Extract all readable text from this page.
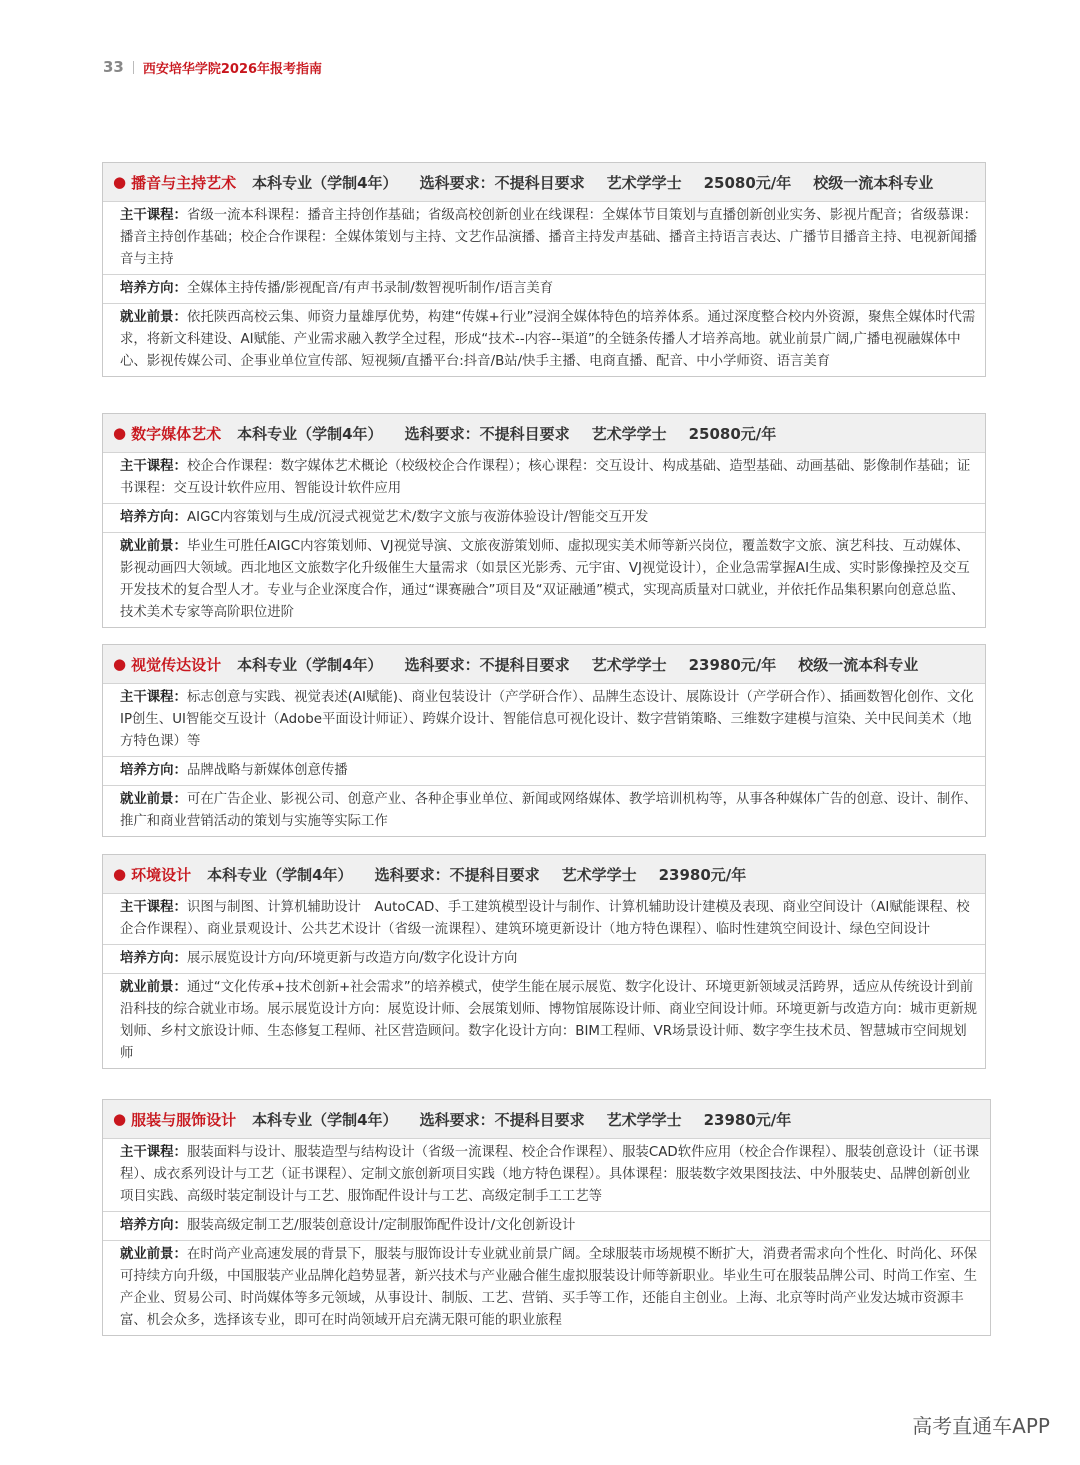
33 西安培华学院2026年报考指南
● 播音与主持艺术 本科专业（学制4年） 选科要求：不提科目要求 艺术学学士 25080元/年 校级一流本科专业
主干课程：省级一流本科课程：播音主持创作基础；省级高校创新创业在线课程：全媒体节目策划与直播创新创业实务、影视片配音；省级慕课：播音主持创作基础；校企合作课程：全媒体策划与主持、文艺作品演播、播音主持发声基础、播音主持语言表达、广播节目播音主持、电视新闻播音与主持
培养方向：全媒体主持传播/影视配音/有声书录制/数智视听制作/语言美育
就业前景：依托陕西高校云集、师资力量雄厚优势，构建“传媒+行业”浸润全媒体特色的培养体系。通过深度整合校内外资源，聚焦全媒体时代需求，将新文科建设、AI赋能、产业需求融入教学全过程，形成“技术--内容--渠道”的全链条传播人才培养高地。就业前景广阔,广播电视融媒体中心、影视传媒公司、企事业单位宣传部、短视频/直播平台:抖音/B站/快手主播、电商直播、配音、中小学师资、语言美育
● 数字媒体艺术 本科专业（学制4年） 选科要求：不提科目要求 艺术学学士 25080元/年
主干课程：校企合作课程：数字媒体艺术概论（校级校企合作课程）；核心课程：交互设计、构成基础、造型基础、动画基础、影像制作基础；证书课程：交互设计软件应用、智能设计软件应用
培养方向：AIGC内容策划与生成/沉浸式视觉艺术/数字文旅与夜游体验设计/智能交互开发
就业前景：毕业生可胜任AIGC内容策划师、VJ视觉导演、文旅夜游策划师、虚拟现实美术师等新兴岗位，覆盖数字文旅、演艺科技、互动媒体、影视动画四大领域。西北地区文旅数字化升级催生大量需求（如景区光影秀、元宇宙、VJ视觉设计），企业急需掌握AI生成、实时影像操控及交互开发技术的复合型人才。专业与企业深度合作，通过“课赛融合”项目及“双证融通”模式，实现高质量对口就业，并依托作品集积累向创意总监、技术美术专家等高阶职位进阶
● 视觉传达设计 本科专业（学制4年） 选科要求：不提科目要求 艺术学学士 23980元/年 校级一流本科专业
主干课程：标志创意与实践、视觉表述(AI赋能)、商业包装设计（产学研合作）、品牌生态设计、展陈设计（产学研合作）、插画数智化创作、文化IP创生、UI智能交互设计（Adobe平面设计师证）、跨媒介设计、智能信息可视化设计、数字营销策略、三维数字建模与渲染、关中民间美术（地方特色课）等
培养方向：品牌战略与新媒体创意传播
就业前景：可在广告企业、影视公司、创意产业、各种企事业单位、新闻或网络媒体、教学培训机构等，从事各种媒体广告的创意、设计、制作、推广和商业营销活动的策划与实施等实际工作
● 环境设计 本科专业（学制4年） 选科要求：不提科目要求 艺术学学士 23980元/年
主干课程：识图与制图、计算机辅助设计　AutoCAD、手工建筑模型设计与制作、计算机辅助设计建模及表现、商业空间设计（AI赋能课程、校企合作课程）、商业景观设计、公共艺术设计（省级一流课程）、建筑环境更新设计（地方特色课程）、临时性建筑空间设计、绿色空间设计
培养方向：展示展览设计方向/环境更新与改造方向/数字化设计方向
就业前景：通过“文化传承+技术创新+社会需求”的培养模式，使学生能在展示展览、数字化设计、环境更新领域灵活跨界，适应从传统设计到前沿科技的综合就业市场。展示展览设计方向：展览设计师、会展策划师、博物馆展陈设计师、商业空间设计师。环境更新与改造方向：城市更新规划师、乡村文旅设计师、生态修复工程师、社区营造顾问。数字化设计方向：BIM工程师、VR场景设计师、数字孪生技术员、智慧城市空间规划师
● 服装与服饰设计 本科专业（学制4年） 选科要求：不提科目要求 艺术学学士 23980元/年
主干课程：服装面料与设计、服装造型与结构设计（省级一流课程、校企合作课程）、服装CAD软件应用（校企合作课程）、服装创意设计（证书课程）、成衣系列设计与工艺（证书课程）、定制文旅创新项目实践（地方特色课程）。具体课程：服装数字效果图技法、中外服装史、品牌创新创业项目实践、高级时装定制设计与工艺、服饰配件设计与工艺、高级定制手工工艺等
培养方向：服装高级定制工艺/服装创意设计/定制服饰配件设计/文化创新设计
就业前景：在时尚产业高速发展的背景下，服装与服饰设计专业就业前景广阔。全球服装市场规模不断扩大，消费者需求向个性化、时尚化、环保可持续方向升级，中国服装产业品牌化趋势显著，新兴技术与产业融合催生虚拟服装设计师等新职业。毕业生可在服装品牌公司、时尚工作室、生产企业、贸易公司、时尚媒体等多元领域，从事设计、制版、工艺、营销、买手等工作，还能自主创业。上海、北京等时尚产业发达城市资源丰富、机会众多，选择该专业，即可在时尚领域开启充满无限可能的职业旅程
高考直通车APP
